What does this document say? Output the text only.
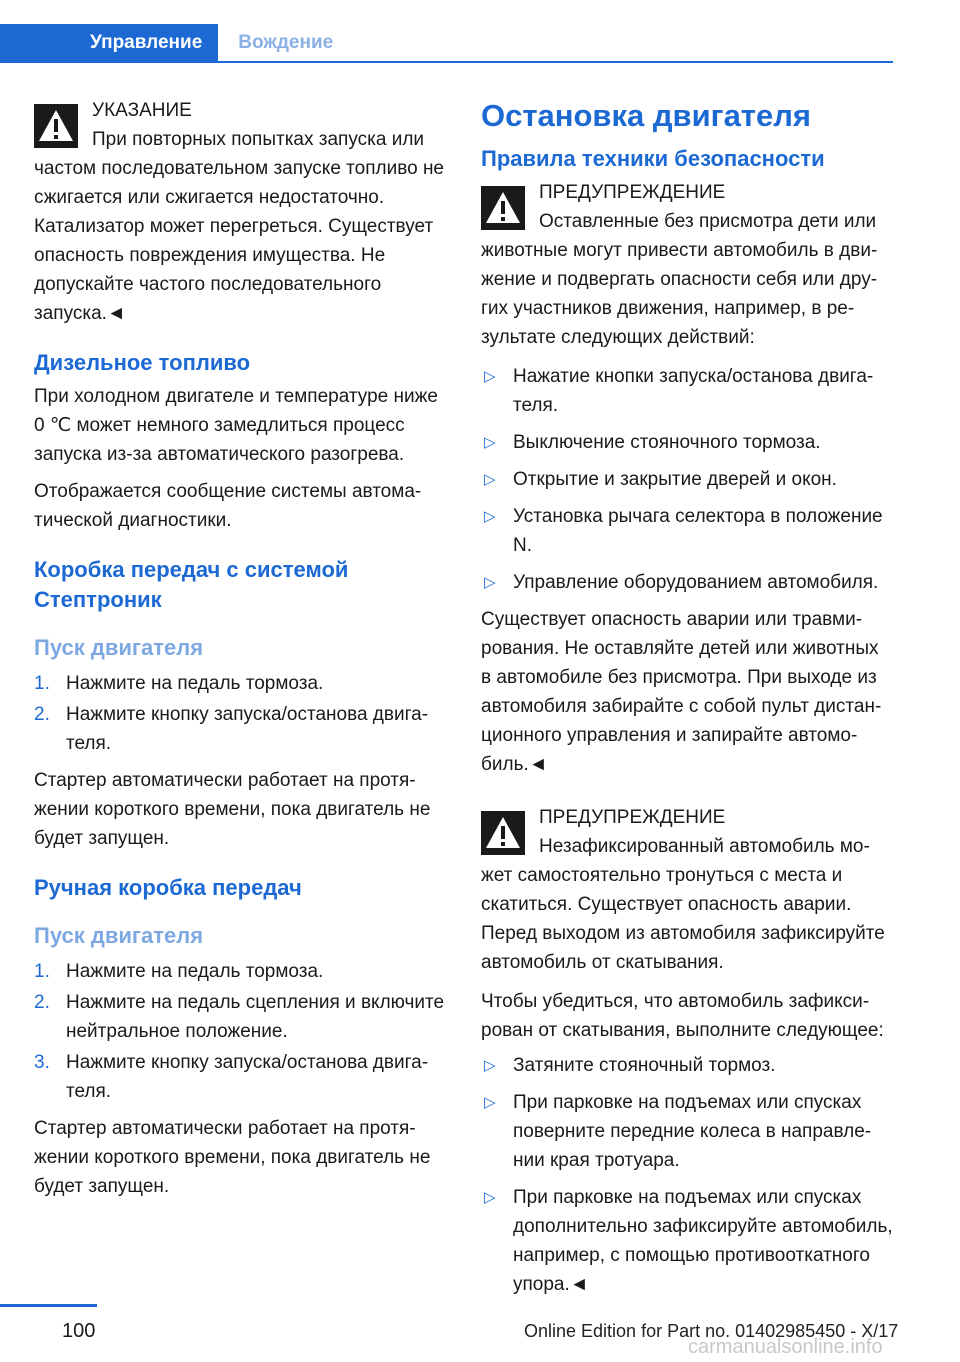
Управление	Вождение

УКАЗАНИЕ

При повторных попытках запуска или частом последовательном запуске топливо не сжигается или сжигается недостаточно. Катализатор может перегреться. Существует опасность повреждения имущества. Не допускайте частого последовательного запуска.◄

Дизельное топливо

При холодном двигателе и температуре ниже 0 ℃ может немного замедлиться процесс запуска из-за автоматического разогрева.

Отображается сообщение системы автоматической диагностики.

Коробка передач с системой Стептроник
Пуск двигателя
1. Нажмите на педаль тормоза.
2. Нажмите кнопку запуска/останова двигателя.

Стартер автоматически работает на протяжении короткого времени, пока двигатель не будет запущен.

Ручная коробка передач
Пуск двигателя
1. Нажмите на педаль тормоза.
2. Нажмите на педаль сцепления и включите нейтральное положение.
3. Нажмите кнопку запуска/останова двигателя.

Стартер автоматически работает на протяжении короткого времени, пока двигатель не будет запущен.

Остановка двигателя
Правила техники безопасности

ПРЕДУПРЕЖДЕНИЕ

Оставленные без присмотра дети или животные могут привести автомобиль в движение и подвергать опасности себя или других участников движения, например, в результате следующих действий:

▷ Нажатие кнопки запуска/останова двигателя.
▷ Выключение стояночного тормоза.
▷ Открытие и закрытие дверей и окон.
▷ Установка рычага селектора в положение N.
▷ Управление оборудованием автомобиля.

Существует опасность аварии или травмирования. Не оставляйте детей или животных в автомобиле без присмотра. При выходе из автомобиля забирайте с собой пульт дистанционного управления и запирайте автомобиль.◄

ПРЕДУПРЕЖДЕНИЕ

Незафиксированный автомобиль может самостоятельно тронуться с места и скатиться. Существует опасность аварии. Перед выходом из автомобиля зафиксируйте автомобиль от скатывания.

Чтобы убедиться, что автомобиль зафиксирован от скатывания, выполните следующее:

▷ Затяните стояночный тормоз.
▷ При парковке на подъемах или спусках поверните передние колеса в направлении края тротуара.
▷ При парковке на подъемах или спусках дополнительно зафиксируйте автомобиль, например, с помощью противооткатного упора.◄
100	Online Edition for Part no. 01402985450 - X/17
carmanualsonline.info
